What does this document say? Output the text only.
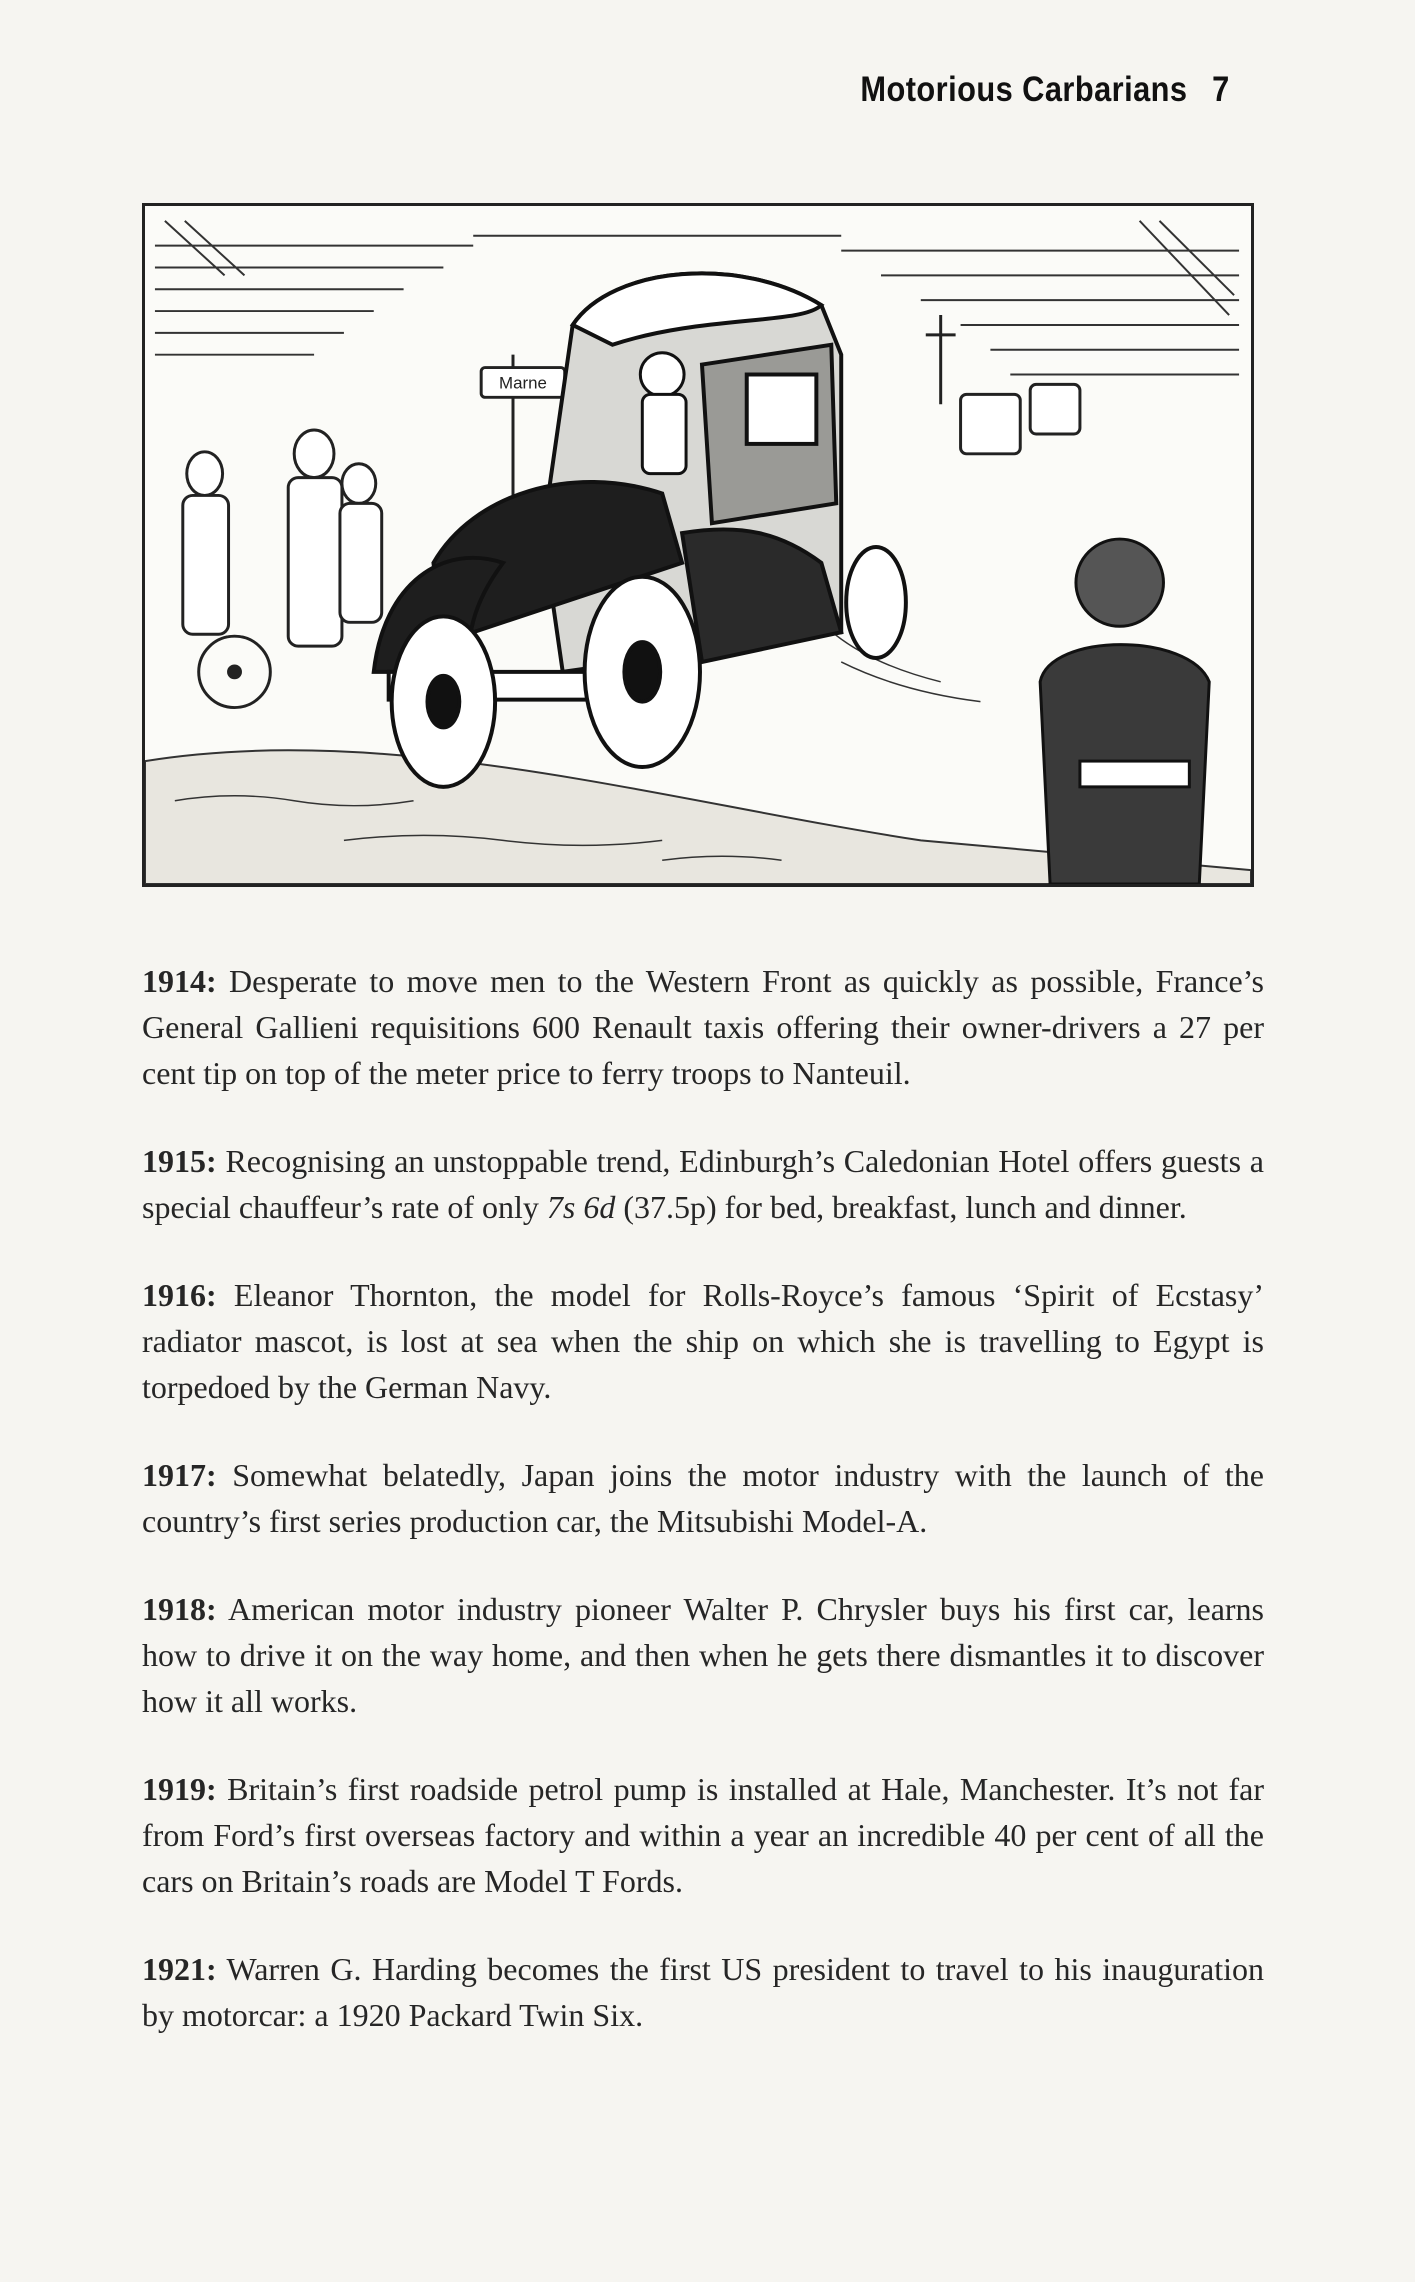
Motorious Carbarians 7
Marne

1914: Desperate to move men to the Western Front as quickly as possible, France’s General Gallieni requisitions 600 Renault taxis offering their owner-drivers a 27 per cent tip on top of the meter price to ferry troops to Nanteuil.

1915: Recognising an unstoppable trend, Edinburgh’s Caledonian Hotel offers guests a special chauffeur’s rate of only 7s 6d (37.5p) for bed, breakfast, lunch and dinner.

1916: Eleanor Thornton, the model for Rolls-Royce’s famous ‘Spirit of Ecstasy’ radiator mascot, is lost at sea when the ship on which she is travelling to Egypt is torpedoed by the German Navy.

1917: Somewhat belatedly, Japan joins the motor industry with the launch of the country’s first series production car, the Mitsubishi Model-A.

1918: American motor industry pioneer Walter P. Chrysler buys his first car, learns how to drive it on the way home, and then when he gets there dismantles it to discover how it all works.

1919: Britain’s first roadside petrol pump is installed at Hale, Manchester. It’s not far from Ford’s first overseas factory and within a year an incredible 40 per cent of all the cars on Britain’s roads are Model T Fords.

1921: Warren G. Harding becomes the first US president to travel to his inauguration by motorcar: a 1920 Packard Twin Six.
